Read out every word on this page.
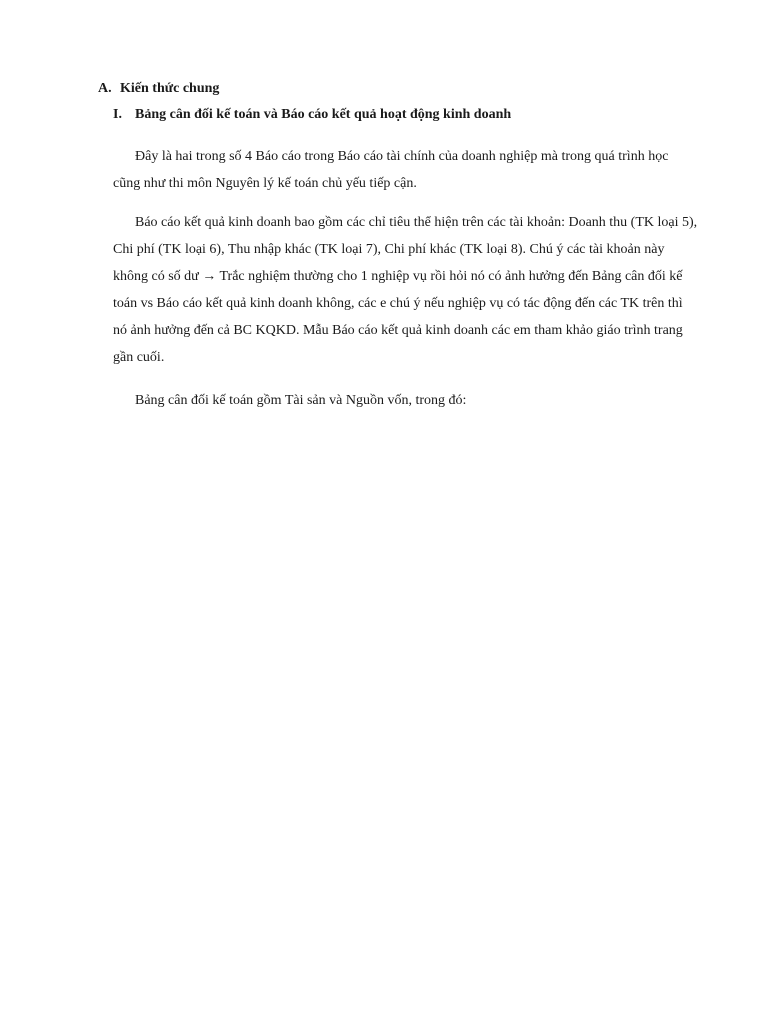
A. Kiến thức chung
I. Bảng cân đối kế toán và Báo cáo kết quả hoạt động kinh doanh

Đây là hai trong số 4 Báo cáo trong Báo cáo tài chính của doanh nghiệp mà trong quá trình học cũng như thi môn Nguyên lý kế toán chủ yếu tiếp cận.

Báo cáo kết quả kinh doanh bao gồm các chỉ tiêu thể hiện trên các tài khoản: Doanh thu (TK loại 5), Chi phí (TK loại 6), Thu nhập khác (TK loại 7), Chi phí khác (TK loại 8). Chú ý các tài khoản này không có số dư → Trắc nghiệm thường cho 1 nghiệp vụ rồi hỏi nó có ảnh hưởng đến Bảng cân đối kế toán vs Báo cáo kết quả kinh doanh không, các e chú ý nếu nghiệp vụ có tác động đến các TK trên thì nó ảnh hưởng đến cả BC KQKD. Mẫu Báo cáo kết quả kinh doanh các em tham khảo giáo trình trang gần cuối.

Bảng cân đối kế toán gồm Tài sản và Nguồn vốn, trong đó:
